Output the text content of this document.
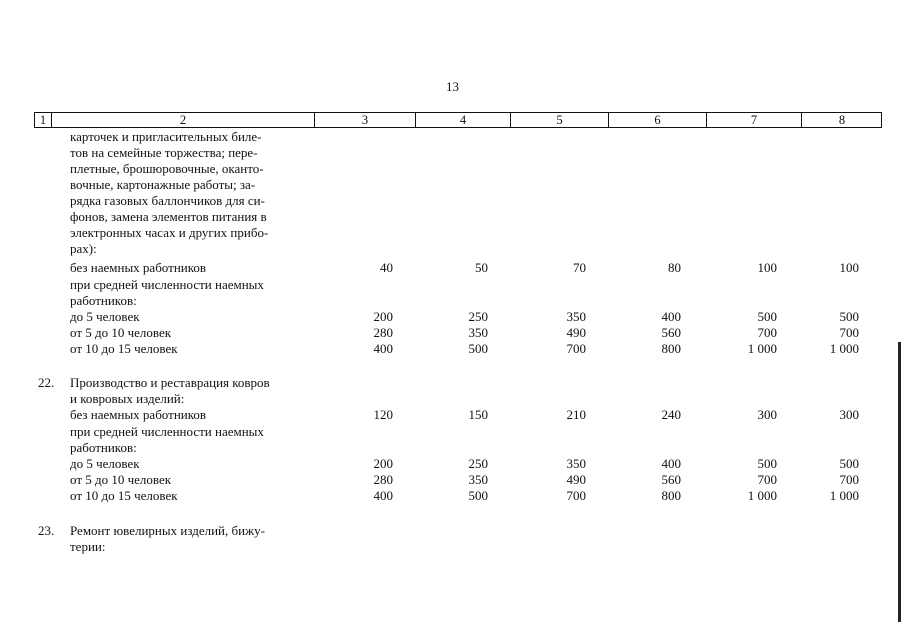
13
1	2	3	4	5	6	7	8
карточек и пригласительных биле-
тов на семейные торжества; пере-
плетные, брошюровочные, оканто-
вочные, картонажные работы; за-
рядка газовых баллончиков для си-
фонов, замена элементов питания в
электронных часах и других прибо-
рах):
без наемных работников	40	50	70	80	100	100
при средней численности наемных
работников:
до 5 человек	200	250	350	400	500	500
от 5 до 10 человек	280	350	490	560	700	700
от 10 до 15 человек	400	500	700	800	1 000	1 000
22. Производство и реставрация ковров
и ковровых изделий:
без наемных работников	120	150	210	240	300	300
при средней численности наемных
работников:
до 5 человек	200	250	350	400	500	500
от 5 до 10 человек	280	350	490	560	700	700
от 10 до 15 человек	400	500	700	800	1 000	1 000
23. Ремонт ювелирных изделий, бижу-
терии:
